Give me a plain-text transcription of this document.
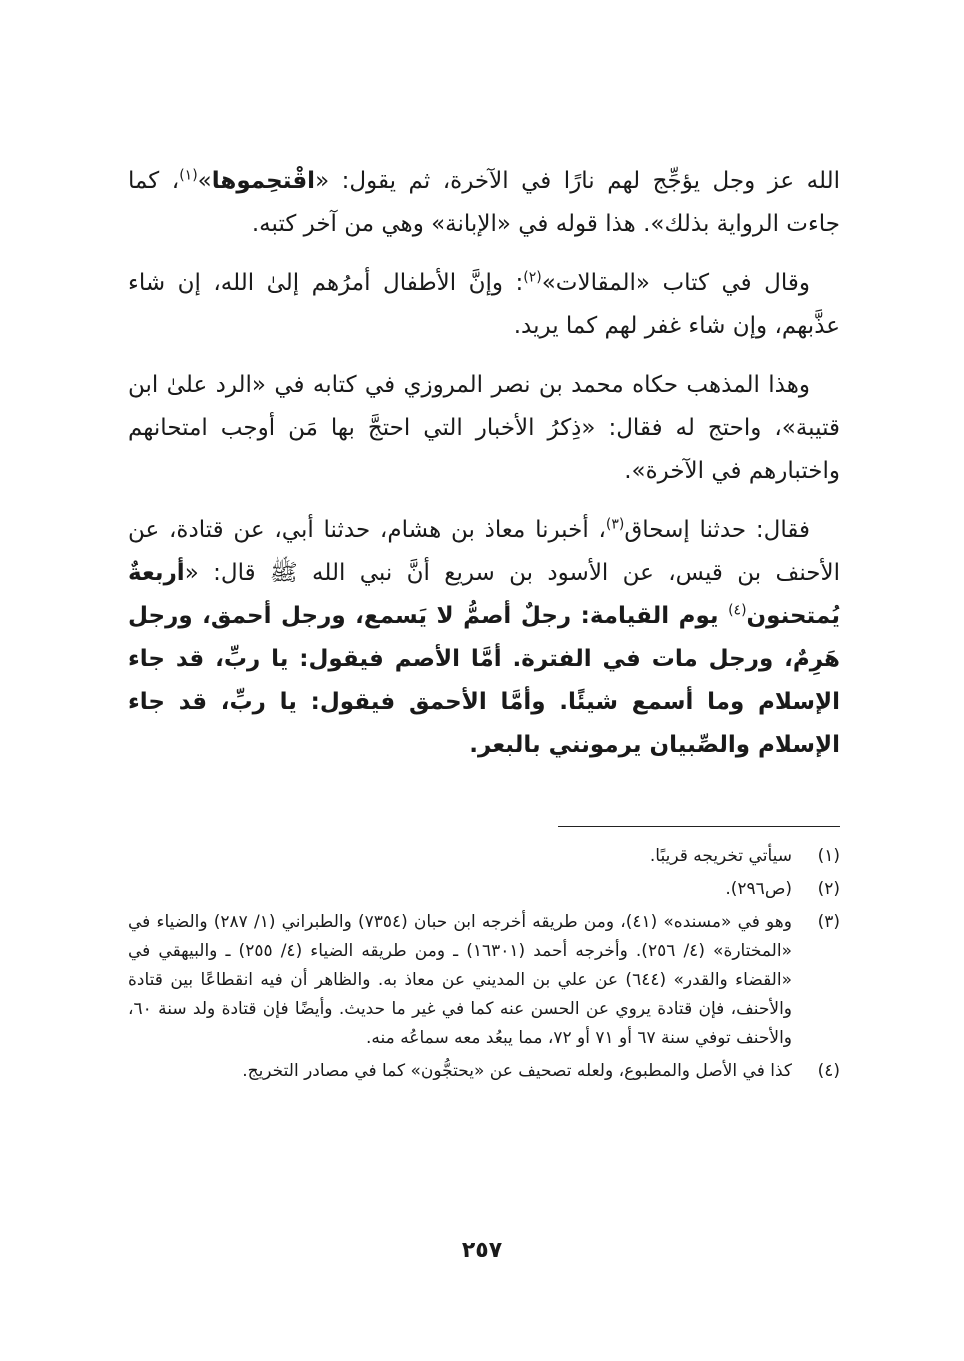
الله عز وجل يؤجِّج لهم نارًا في الآخرة، ثم يقول: «اقْتحِموها»$^{(١)}$، كما جاءت الرواية بذلك». هذا قوله في «الإبانة» وهي من آخر كتبه.

وقال في كتاب «المقالات»$^{(٢)}$: وإنَّ الأطفال أمرُهم إلىٰ الله، إن شاء عذَّبهم، وإن شاء غفر لهم كما يريد.

وهذا المذهب حكاه محمد بن نصر المروزي في كتابه في «الرد علىٰ ابن قتيبة»، واحتج له فقال: «ذِكرُ الأخبار التي احتجَّ بها مَن أوجب امتحانهم واختبارهم في الآخرة».

فقال: حدثنا إسحاق$^{(٣)}$، أخبرنا معاذ بن هشام، حدثنا أبي، عن قتادة، عن الأحنف بن قيس، عن الأسود بن سريع أنَّ نبي الله ﷺ قال: «أربعةٌ يُمتحنون$^{(٤)}$ يوم القيامة: رجلٌ أصمُّ لا يَسمع، ورجل أحمق، ورجل هَرِمٌ، ورجل مات في الفترة. أمَّا الأصم فيقول: يا ربِّ، قد جاء الإسلام وما أسمع شيئًا. وأمَّا الأحمق فيقول: يا ربِّ، قد جاء الإسلام والصِّبيان يرمونني بالبعر.

(١)
سيأتي تخريجه قريبًا.
(٢)
(ص٢٩٦).
(٣)
وهو في «مسنده» (٤١)، ومن طريقه أخرجه ابن حبان (٧٣٥٤) والطبراني (١/ ٢٨٧) والضياء في «المختارة» (٤/ ٢٥٦). وأخرجه أحمد (١٦٣٠١) ـ ومن طريقه الضياء (٤/ ٢٥٥) ـ والبيهقي في «القضاء والقدر» (٦٤٤) عن علي بن المديني عن معاذ به. والظاهر أن فيه انقطاعًا بين قتادة والأحنف، فإن قتادة يروي عن الحسن عنه كما في غير ما حديث. وأيضًا فإن قتادة ولد سنة ٦٠، والأحنف توفي سنة ٦٧ أو ٧١ أو ٧٢، مما يبعُد معه سماعُه منه.
(٤)
كذا في الأصل والمطبوع، ولعله تصحيف عن «يحتجُّون» كما في مصادر التخريج.
٢٥٧
